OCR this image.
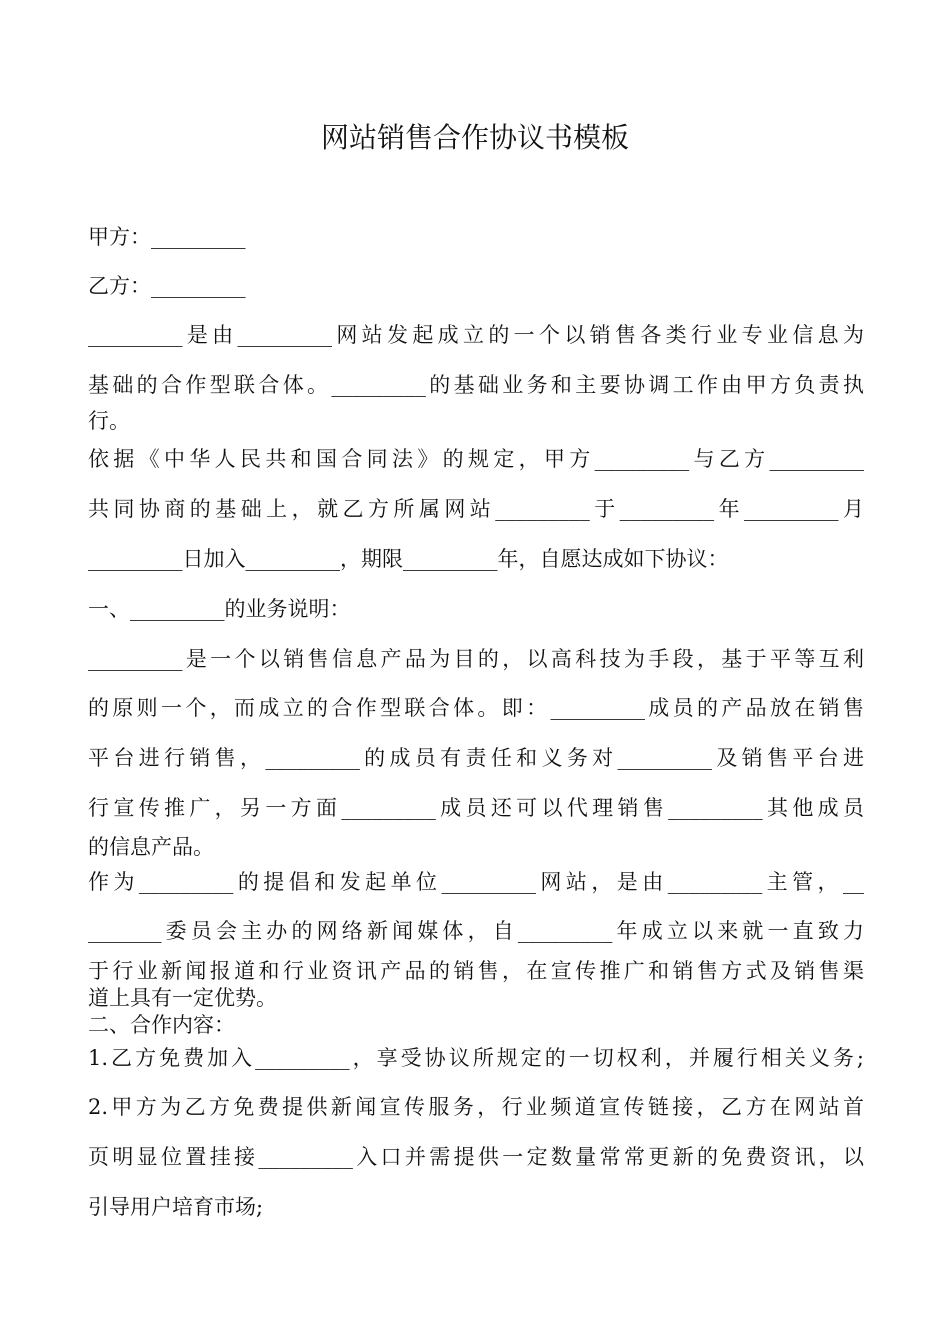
网站销售合作协议书模板
甲方：_________
乙方：_________
_________是由_________网站发起成立的一个以销售各类行业专业信息为
基础的合作型联合体。_________的基础业务和主要协调工作由甲方负责执
行。
依据《中华人民共和国合同法》的规定，甲方_________与乙方_________
共同协商的基础上，就乙方所属网站_________于_________年_________月
_________日加入_________，期限_________年，自愿达成如下协议：
一、_________的业务说明：
_________是一个以销售信息产品为目的，以高科技为手段，基于平等互利
的原则一个，而成立的合作型联合体。即：_________成员的产品放在销售
平台进行销售，_________的成员有责任和义务对_________及销售平台进
行宣传推广，另一方面_________成员还可以代理销售_________其他成员
的信息产品。
作为_________的提倡和发起单位_________网站，是由_________主管，__
_______委员会主办的网络新闻媒体，自_________年成立以来就一直致力
于行业新闻报道和行业资讯产品的销售，在宣传推广和销售方式及销售渠
道上具有一定优势。
二、合作内容：
1.乙方免费加入_________，享受协议所规定的一切权利，并履行相关义务;
2.甲方为乙方免费提供新闻宣传服务，行业频道宣传链接，乙方在网站首
页明显位置挂接_________入口并需提供一定数量常常更新的免费资讯，以
引导用户培育市场;
